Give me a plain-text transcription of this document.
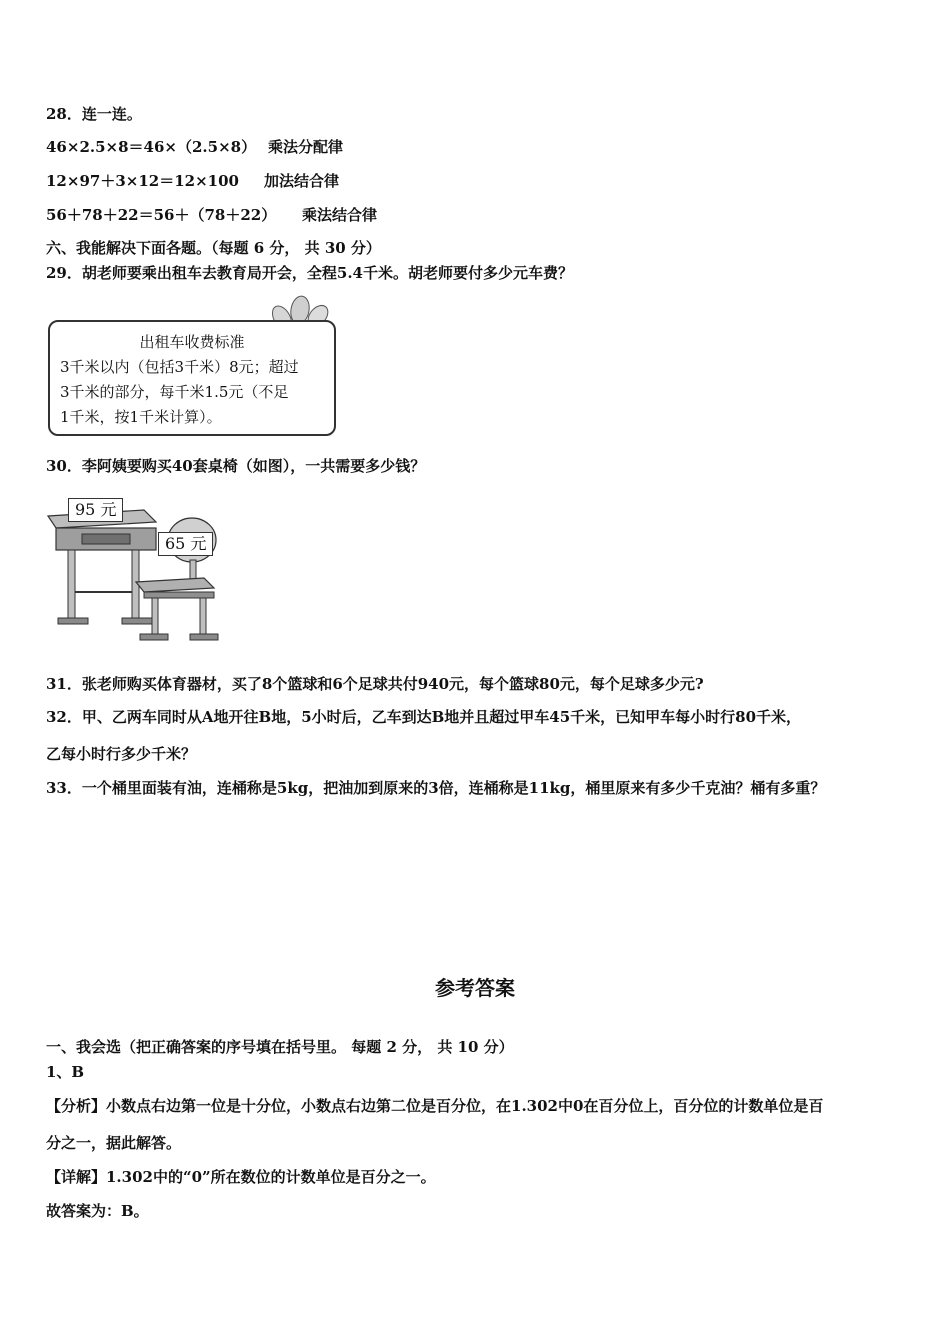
28．连一连。
46×2.5×8＝46×（2.5×8） 乘法分配律
12×97＋3×12＝12×100 加法结合律
56＋78＋22＝56＋（78＋22） 乘法结合律
六、我能解决下面各题。（每题 6 分， 共 30 分）
29．胡老师要乘出租车去教育局开会，全程5.4千米。胡老师要付多少元车费？
出租车收费标准
3千米以内（包括3千米）8元；超过
3千米的部分，每千米1.5元（不足
1千米，按1千米计算）。
30．李阿姨要购买40套桌椅（如图），一共需要多少钱？
95 元
65 元
31．张老师购买体育器材，买了8个篮球和6个足球共付940元，每个篮球80元，每个足球多少元?
32．甲、乙两车同时从A地开往B地，5小时后，乙车到达B地并且超过甲车45千米，已知甲车每小时行80千米，
乙每小时行多少千米？
33．一个桶里面装有油，连桶称是5kg，把油加到原来的3倍，连桶称是11kg，桶里原来有多少千克油？桶有多重？
参考答案
一、我会选（把正确答案的序号填在括号里。 每题 2 分， 共 10 分）
1、B
【分析】小数点右边第一位是十分位，小数点右边第二位是百分位，在1.302中0在百分位上，百分位的计数单位是百
分之一，据此解答。
【详解】1.302中的“0”所在数位的计数单位是百分之一。
故答案为：B。
